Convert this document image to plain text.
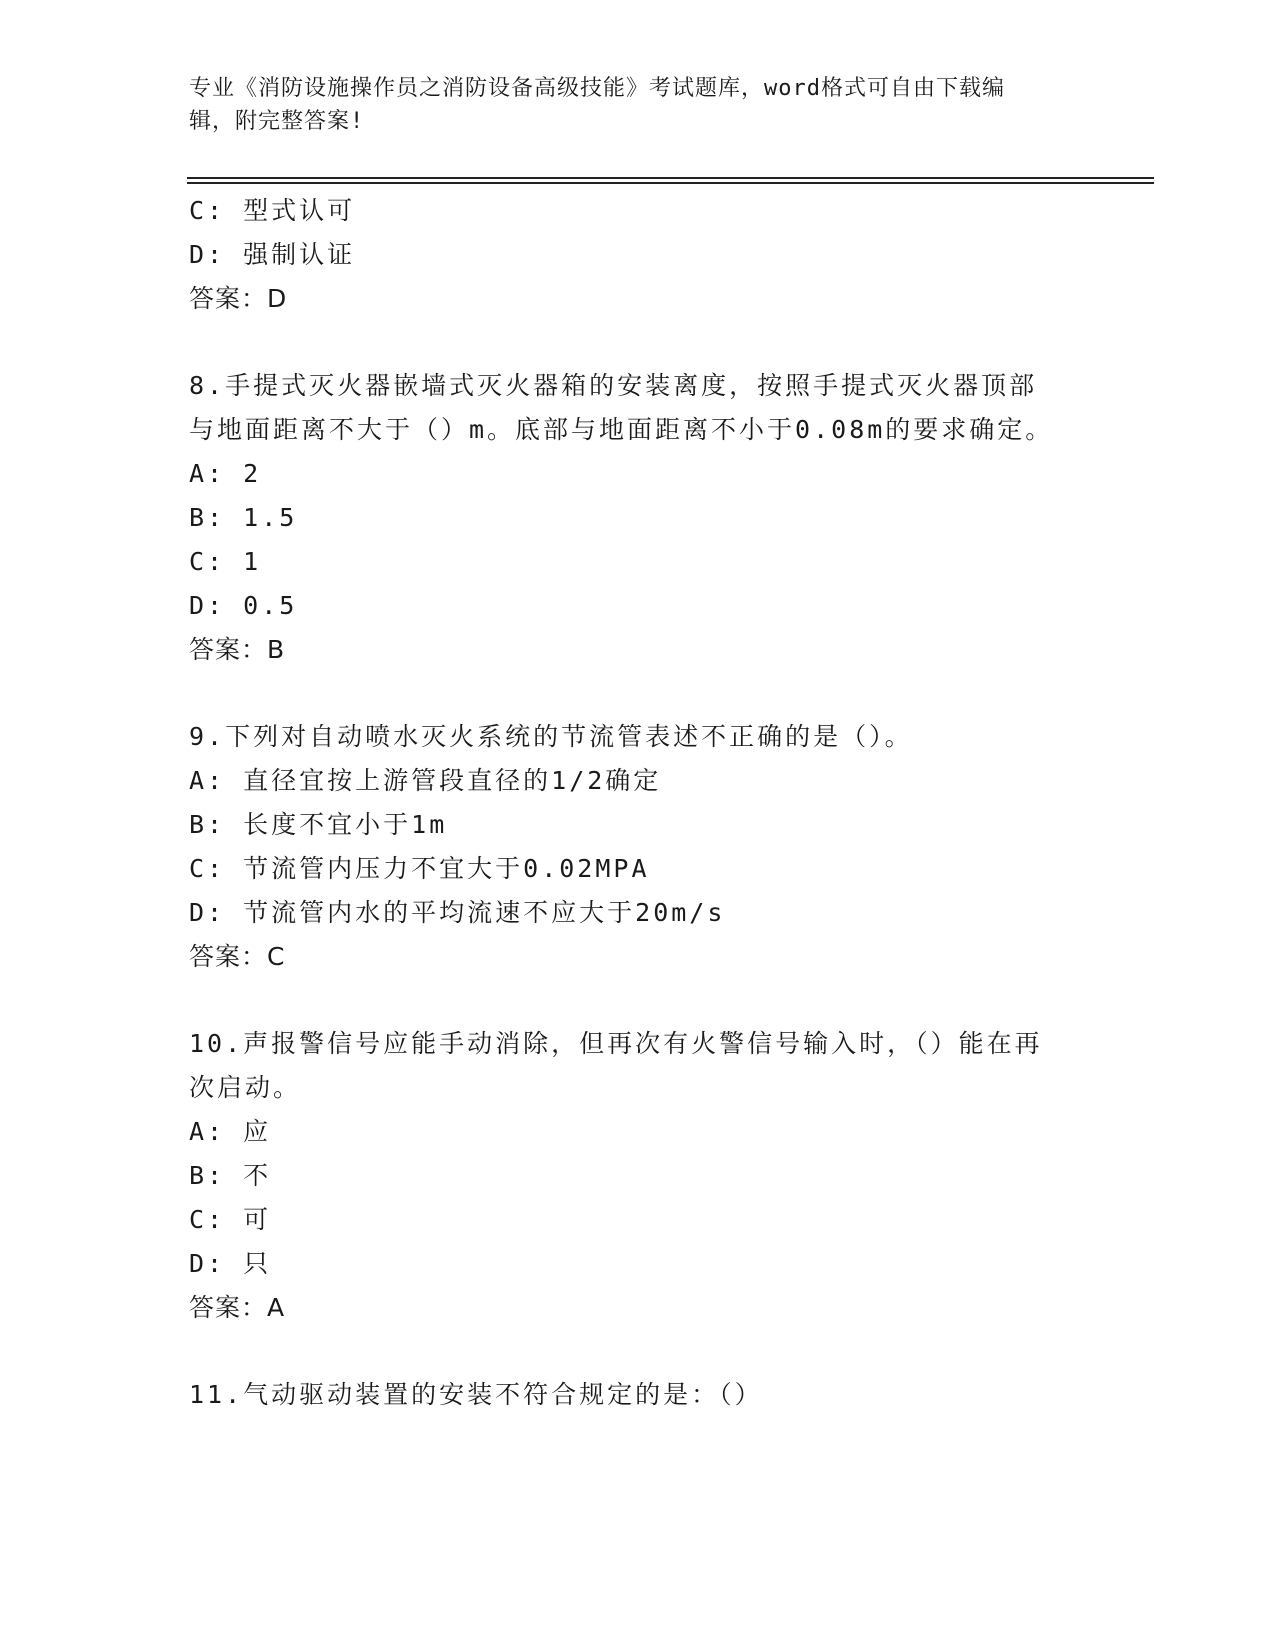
专业《消防设施操作员之消防设备高级技能》考试题库，word格式可自由下载编
辑，附完整答案!
C: 型式认可
D: 强制认证
答案：D
8.手提式灭火器嵌墙式灭火器箱的安装离度，按照手提式灭火器顶部
与地面距离不大于（）m。底部与地面距离不小于0.08m的要求确定。
A: 2
B: 1.5
C: 1
D: 0.5
答案：B
9.下列对自动喷水灭火系统的节流管表述不正确的是（）。
A: 直径宜按上游管段直径的1/2确定
B: 长度不宜小于1m
C: 节流管内压力不宜大于0.02MPA
D: 节流管内水的平均流速不应大于20m/s
答案：C
10.声报警信号应能手动消除，但再次有火警信号输入时，（）能在再
次启动。
A: 应
B: 不
C: 可
D: 只
答案：A
11.气动驱动装置的安装不符合规定的是：（）
